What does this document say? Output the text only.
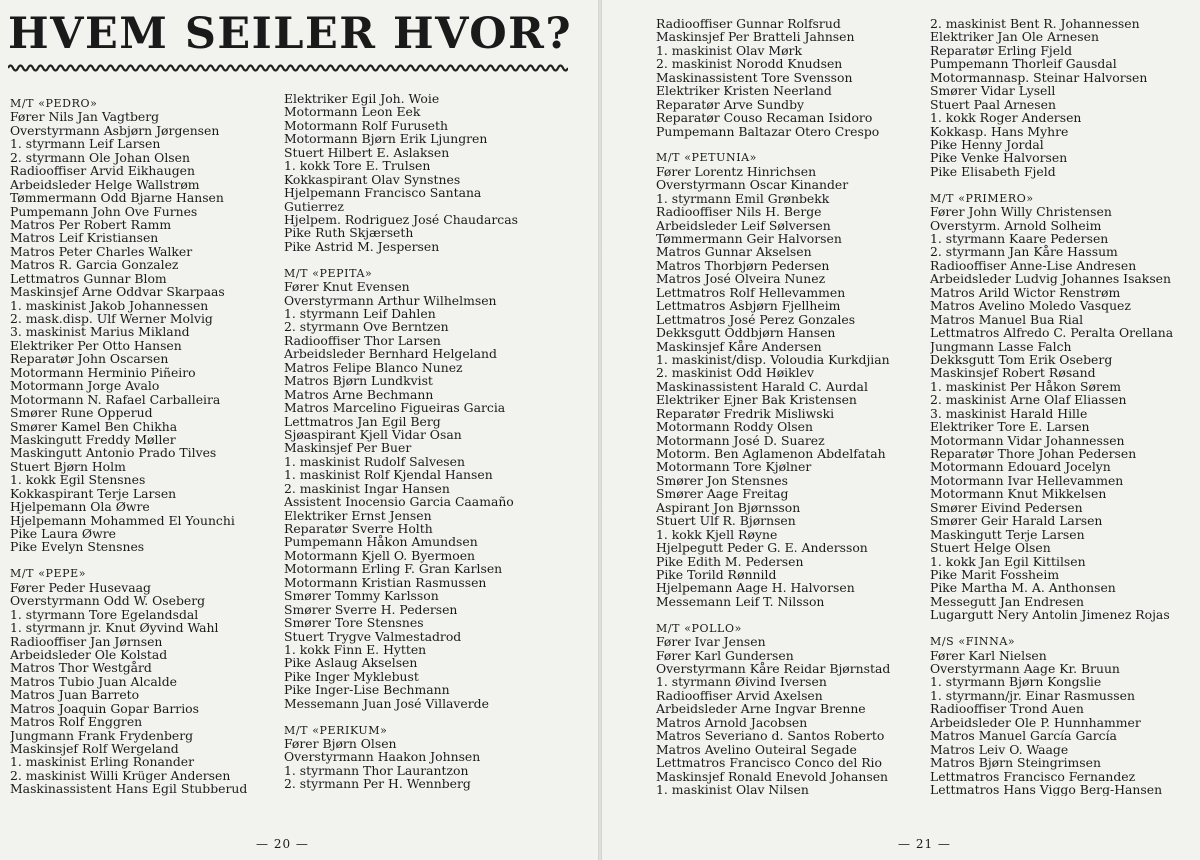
HVEM SEILER HVOR?
M/T «PEDRO»
Fører Nils Jan Vagtberg
Overstyrmann Asbjørn Jørgensen
1. styrmann Leif Larsen
2. styrmann Ole Johan Olsen
Radiooffiser Arvid Eikhaugen
Arbeidsleder Helge Wallstrøm
Tømmermann Odd Bjarne Hansen
Pumpemann John Ove Furnes
Matros Per Robert Ramm
Matros Leif Kristiansen
Matros Peter Charles Walker
Matros R. Garcia Gonzalez
Lettmatros Gunnar Blom
Maskinsjef Arne Oddvar Skarpaas
1. maskinist Jakob Johannessen
2. mask.disp. Ulf Werner Molvig
3. maskinist Marius Mikland
Elektriker Per Otto Hansen
Reparatør John Oscarsen
Motormann Herminio Piñeiro
Motormann Jorge Avalo
Motormann N. Rafael Carballeira
Smører Rune Opperud
Smører Kamel Ben Chikha
Maskingutt Freddy Møller
Maskingutt Antonio Prado Tilves
Stuert Bjørn Holm
1. kokk Egil Stensnes
Kokkaspirant Terje Larsen
Hjelpemann Ola Øwre
Hjelpemann Mohammed El Younchi
Pike Laura Øwre
Pike Evelyn Stensnes
M/T «PEPE»
Fører Peder Husevaag
Overstyrmann Odd W. Oseberg
1. styrmann Tore Egelandsdal
1. styrmann jr. Knut Øyvind Wahl
Radiooffiser Jan Jørnsen
Arbeidsleder Ole Kolstad
Matros Thor Westgård
Matros Tubio Juan Alcalde
Matros Juan Barreto
Matros Joaquin Gopar Barrios
Matros Rolf Enggren
Jungmann Frank Frydenberg
Maskinsjef Rolf Wergeland
1. maskinist Erling Ronander
2. maskinist Willi Krüger Andersen
Maskinassistent Hans Egil Stubberud
Elektriker Egil Joh. Woie
Motormann Leon Eek
Motormann Rolf Furuseth
Motormann Bjørn Erik Ljungren
Stuert Hilbert E. Aslaksen
1. kokk Tore E. Trulsen
Kokkaspirant Olav Synstnes
Hjelpemann Francisco Santana
Gutierrez
Hjelpem. Rodriguez José Chaudarcas
Pike Ruth Skjærseth
Pike Astrid M. Jespersen
M/T «PEPITA»
Fører Knut Evensen
Overstyrmann Arthur Wilhelmsen
1. styrmann Leif Dahlen
2. styrmann Ove Berntzen
Radiooffiser Thor Larsen
Arbeidsleder Bernhard Helgeland
Matros Felipe Blanco Nunez
Matros Bjørn Lundkvist
Matros Arne Bechmann
Matros Marcelino Figueiras Garcia
Lettmatros Jan Egil Berg
Sjøaspirant Kjell Vidar Osan
Maskinsjef Per Buer
1. maskinist Rudolf Salvesen
1. maskinist Rolf Kjendal Hansen
2. maskinist Ingar Hansen
Assistent Inocensio Garcia Caamaño
Elektriker Ernst Jensen
Reparatør Sverre Holth
Pumpemann Håkon Amundsen
Motormann Kjell O. Byermoen
Motormann Erling F. Gran Karlsen
Motormann Kristian Rasmussen
Smører Tommy Karlsson
Smører Sverre H. Pedersen
Smører Tore Stensnes
Stuert Trygve Valmestadrod
1. kokk Finn E. Hytten
Pike Aslaug Akselsen
Pike Inger Myklebust
Pike Inger-Lise Bechmann
Messemann Juan José Villaverde
M/T «PERIKUM»
Fører Bjørn Olsen
Overstyrmann Haakon Johnsen
1. styrmann Thor Laurantzon
2. styrmann Per H. Wennberg
— 20 —
Radiooffiser Gunnar Rolfsrud
Maskinsjef Per Bratteli Jahnsen
1. maskinist Olav Mørk
2. maskinist Norodd Knudsen
Maskinassistent Tore Svensson
Elektriker Kristen Neerland
Reparatør Arve Sundby
Reparatør Couso Recaman Isidoro
Pumpemann Baltazar Otero Crespo
M/T «PETUNIA»
Fører Lorentz Hinrichsen
Overstyrmann Oscar Kinander
1. styrmann Emil Grønbekk
Radiooffiser Nils H. Berge
Arbeidsleder Leif Sølversen
Tømmermann Geir Halvorsen
Matros Gunnar Akselsen
Matros Thorbjørn Pedersen
Matros José Olveira Nunez
Lettmatros Rolf Hellevammen
Lettmatros Asbjørn Fjellheim
Lettmatros José Perez Gonzales
Dekksgutt Oddbjørn Hansen
Maskinsjef Kåre Andersen
1. maskinist/disp. Voloudia Kurkdjian
2. maskinist Odd Høiklev
Maskinassistent Harald C. Aurdal
Elektriker Ejner Bak Kristensen
Reparatør Fredrik Misliwski
Motormann Roddy Olsen
Motormann José D. Suarez
Motorm. Ben Aglamenon Abdelfatah
Motormann Tore Kjølner
Smører Jon Stensnes
Smører Aage Freitag
Aspirant Jon Bjørnsson
Stuert Ulf R. Bjørnsen
1. kokk Kjell Røyne
Hjelpegutt Peder G. E. Andersson
Pike Edith M. Pedersen
Pike Torild Rønnild
Hjelpemann Aage H. Halvorsen
Messemann Leif T. Nilsson
M/T «POLLO»
Fører Ivar Jensen
Fører Karl Gundersen
Overstyrmann Kåre Reidar Bjørnstad
1. styrmann Øivind Iversen
Radiooffiser Arvid Axelsen
Arbeidsleder Arne Ingvar Brenne
Matros Arnold Jacobsen
Matros Severiano d. Santos Roberto
Matros Avelino Outeiral Segade
Lettmatros Francisco Conco del Rio
Maskinsjef Ronald Enevold Johansen
1. maskinist Olav Nilsen
2. maskinist Bent R. Johannessen
Elektriker Jan Ole Arnesen
Reparatør Erling Fjeld
Pumpemann Thorleif Gausdal
Motormannasp. Steinar Halvorsen
Smører Vidar Lysell
Stuert Paal Arnesen
1. kokk Roger Andersen
Kokkasp. Hans Myhre
Pike Henny Jordal
Pike Venke Halvorsen
Pike Elisabeth Fjeld
M/T «PRIMERO»
Fører John Willy Christensen
Overstyrm. Arnold Solheim
1. styrmann Kaare Pedersen
2. styrmann Jan Kåre Hassum
Radiooffiser Anne-Lise Andresen
Arbeidsleder Ludvig Johannes Isaksen
Matros Arild Wictor Renstrøm
Matros Avelino Moledo Vasquez
Matros Manuel Bua Rial
Lettmatros Alfredo C. Peralta Orellana
Jungmann Lasse Falch
Dekksgutt Tom Erik Oseberg
Maskinsjef Robert Røsand
1. maskinist Per Håkon Sørem
2. maskinist Arne Olaf Eliassen
3. maskinist Harald Hille
Elektriker Tore E. Larsen
Motormann Vidar Johannessen
Reparatør Thore Johan Pedersen
Motormann Edouard Jocelyn
Motormann Ivar Hellevammen
Motormann Knut Mikkelsen
Smører Eivind Pedersen
Smører Geir Harald Larsen
Maskingutt Terje Larsen
Stuert Helge Olsen
1. kokk Jan Egil Kittilsen
Pike Marit Fossheim
Pike Martha M. A. Anthonsen
Messegutt Jan Endresen
Lugargutt Nery Antolin Jimenez Rojas
M/S «FINNA»
Fører Karl Nielsen
Overstyrmann Aage Kr. Bruun
1. styrmann Bjørn Kongslie
1. styrmann/jr. Einar Rasmussen
Radiooffiser Trond Auen
Arbeidsleder Ole P. Hunnhammer
Matros Manuel García García
Matros Leiv O. Waage
Matros Bjørn Steingrimsen
Lettmatros Francisco Fernandez
Lettmatros Hans Viggo Berg-Hansen
— 21 —
